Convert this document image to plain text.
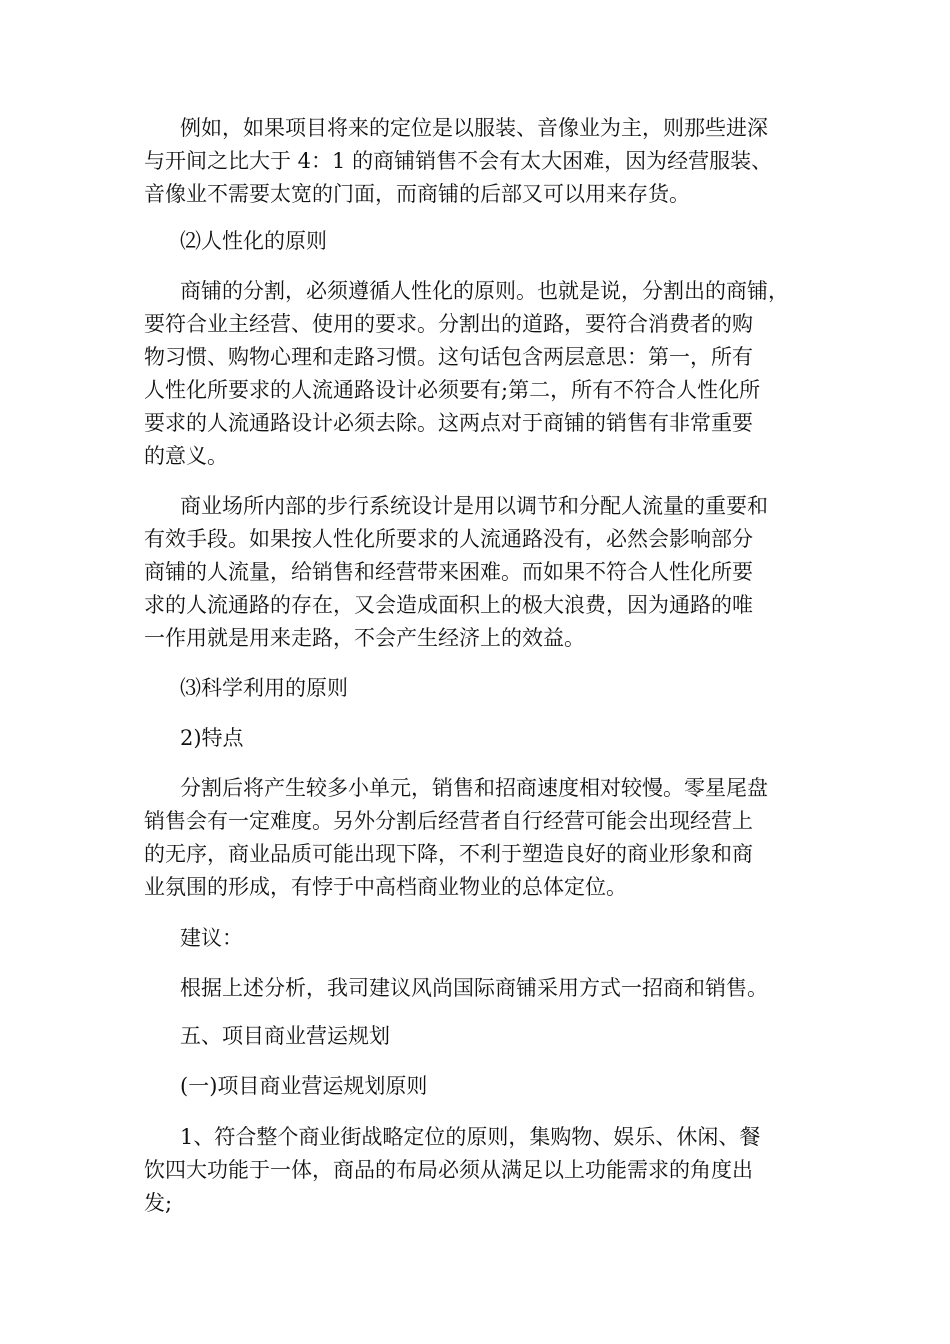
例如，如果项目将来的定位是以服装、音像业为主，则那些进深
与开间之比大于 4：1 的商铺销售不会有太大困难，因为经营服装、
音像业不需要太宽的门面，而商铺的后部又可以用来存货。
⑵人性化的原则
商铺的分割，必须遵循人性化的原则。也就是说，分割出的商铺，
要符合业主经营、使用的要求。分割出的道路，要符合消费者的购
物习惯、购物心理和走路习惯。这句话包含两层意思：第一，所有
人性化所要求的人流通路设计必须要有;第二，所有不符合人性化所
要求的人流通路设计必须去除。这两点对于商铺的销售有非常重要
的意义。
商业场所内部的步行系统设计是用以调节和分配人流量的重要和
有效手段。如果按人性化所要求的人流通路没有，必然会影响部分
商铺的人流量，给销售和经营带来困难。而如果不符合人性化所要
求的人流通路的存在，又会造成面积上的极大浪费，因为通路的唯
一作用就是用来走路，不会产生经济上的效益。
⑶科学利用的原则
2)特点
分割后将产生较多小单元，销售和招商速度相对较慢。零星尾盘
销售会有一定难度。另外分割后经营者自行经营可能会出现经营上
的无序，商业品质可能出现下降，不利于塑造良好的商业形象和商
业氛围的形成，有悖于中高档商业物业的总体定位。
建议：
根据上述分析，我司建议风尚国际商铺采用方式一招商和销售。
五、项目商业营运规划
(一)项目商业营运规划原则
1、符合整个商业街战略定位的原则，集购物、娱乐、休闲、餐
饮四大功能于一体，商品的布局必须从满足以上功能需求的角度出
发;
